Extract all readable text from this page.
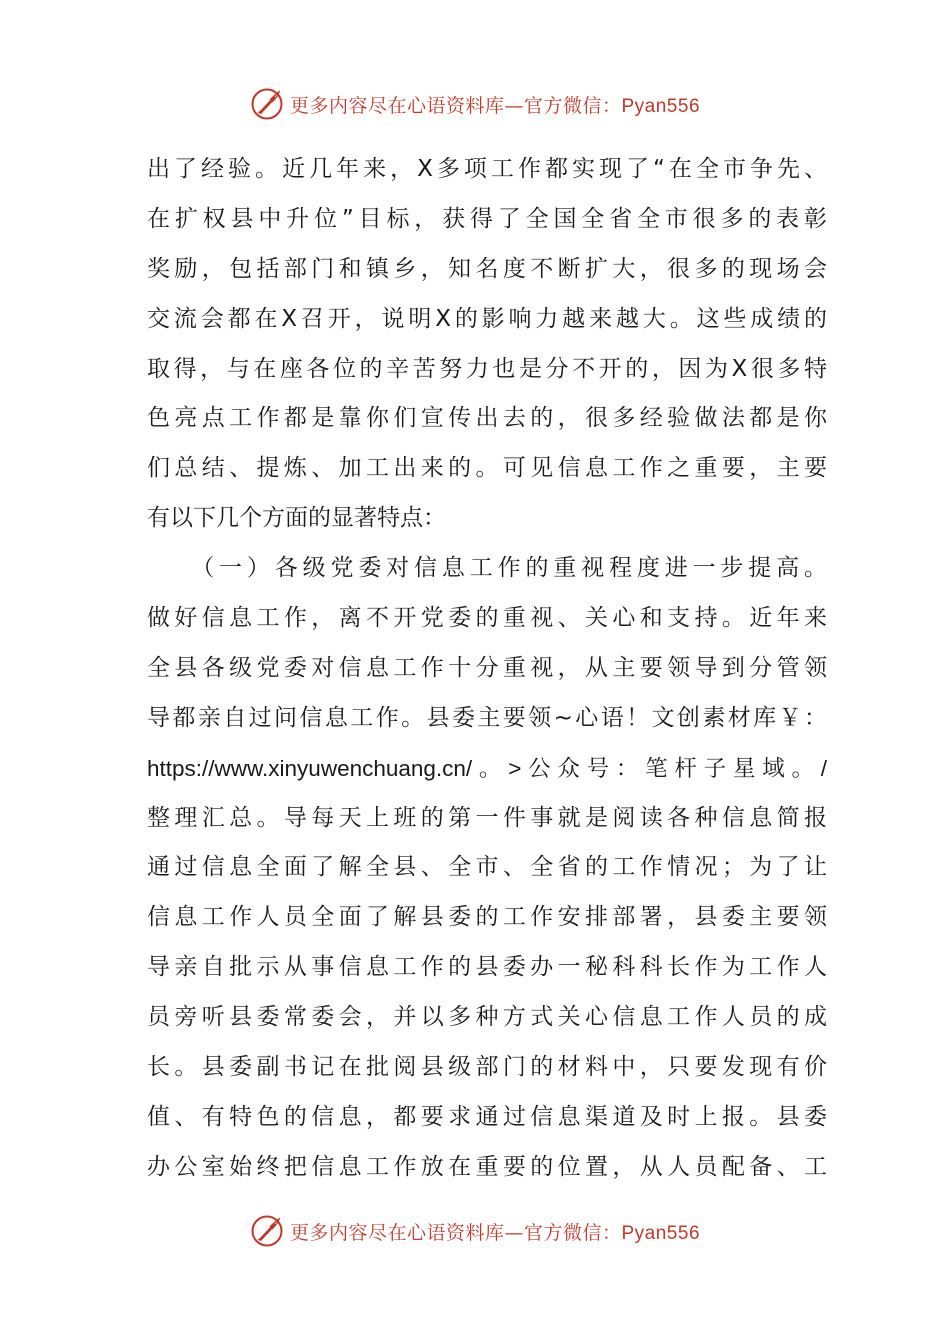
更多内容尽在心语资料库—官方微信：Pyan556
出了经验。近几年来，X多项工作都实现了“在全市争先、
在扩权县中升位”目标，获得了全国全省全市很多的表彰
奖励，包括部门和镇乡，知名度不断扩大，很多的现场会
交流会都在X召开，说明X的影响力越来越大。这些成绩的
取得，与在座各位的辛苦努力也是分不开的，因为X很多特
色亮点工作都是靠你们宣传出去的，很多经验做法都是你
们总结、提炼、加工出来的。可见信息工作之重要，主要
有以下几个方面的显著特点：
　　（一）各级党委对信息工作的重视程度进一步提高。
做好信息工作，离不开党委的重视、关心和支持。近年来
全县各级党委对信息工作十分重视，从主要领导到分管领
导都亲自过问信息工作。县委主要领~心语！文创素材库￥：
https://www.xinyuwenchuang.cn/。>公众号：笔杆子星域。/
整理汇总。导每天上班的第一件事就是阅读各种信息简报
通过信息全面了解全县、全市、全省的工作情况；为了让
信息工作人员全面了解县委的工作安排部署，县委主要领
导亲自批示从事信息工作的县委办一秘科科长作为工作人
员旁听县委常委会，并以多种方式关心信息工作人员的成
长。县委副书记在批阅县级部门的材料中，只要发现有价
值、有特色的信息，都要求通过信息渠道及时上报。县委
办公室始终把信息工作放在重要的位置，从人员配备、工
更多内容尽在心语资料库—官方微信：Pyan556
